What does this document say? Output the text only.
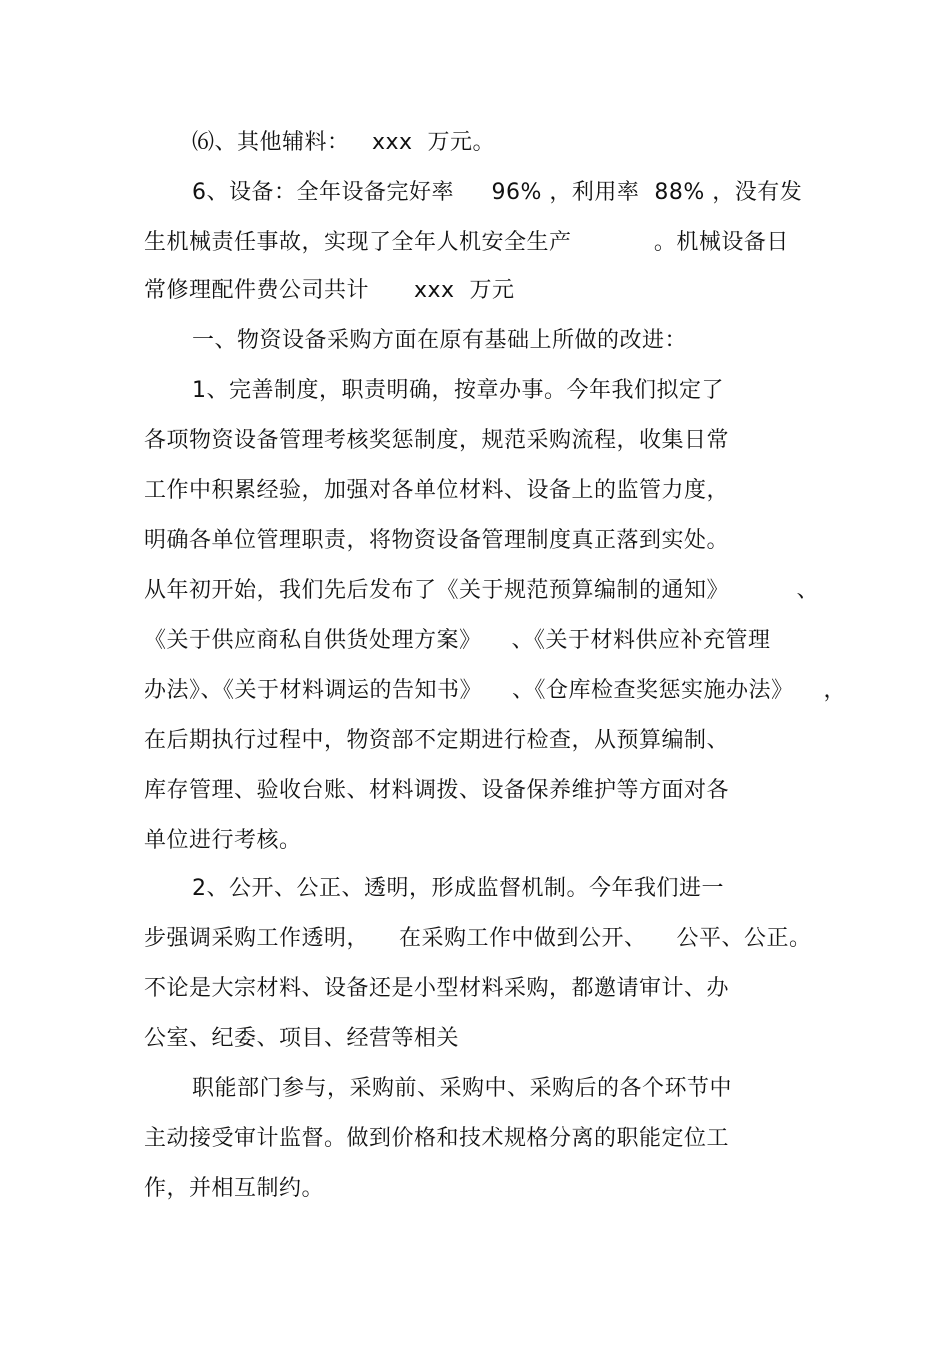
⑹、其他辅料：   xxx  万元。
6、设备：全年设备完好率     96% ，利用率  88% ，没有发
生机械责任事故，实现了全年人机安全生产           。机械设备日
常修理配件费公司共计      xxx  万元
一、物资设备采购方面在原有基础上所做的改进：
1、完善制度，职责明确，按章办事。今年我们拟定了
各项物资设备管理考核奖惩制度，规范采购流程，收集日常
工作中积累经验，加强对各单位材料、设备上的监管力度，
明确各单位管理职责，将物资设备管理制度真正落到实处。
从年初开始，我们先后发布了《关于规范预算编制的通知》         、
《关于供应商私自供货处理方案》    、《关于材料供应补充管理
办法》、《关于材料调运的告知书》    、《仓库检查奖惩实施办法》    ，
在后期执行过程中，物资部不定期进行检查，从预算编制、
库存管理、验收台账、材料调拨、设备保养维护等方面对各
单位进行考核。
2、公开、公正、透明，形成监督机制。今年我们进一
步强调采购工作透明，    在采购工作中做到公开、    公平、公正。
不论是大宗材料、设备还是小型材料采购，都邀请审计、办
公室、纪委、项目、经营等相关
职能部门参与，采购前、采购中、采购后的各个环节中
主动接受审计监督。做到价格和技术规格分离的职能定位工
作，并相互制约。
